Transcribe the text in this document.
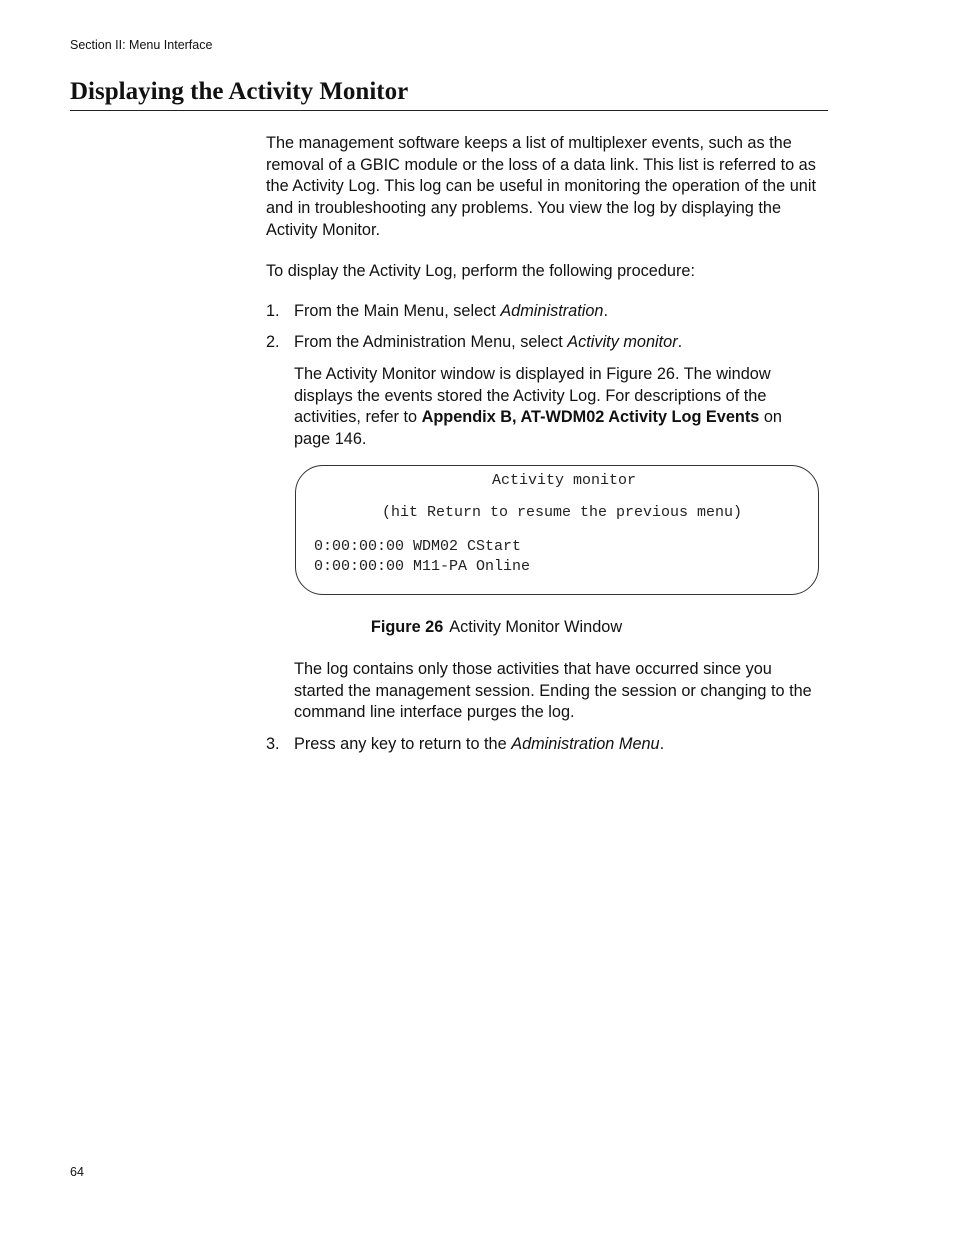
Section II: Menu Interface
Displaying the Activity Monitor

The management software keeps a list of multiplexer events, such as the removal of a GBIC module or the loss of a data link. This list is referred to as the Activity Log. This log can be useful in monitoring the operation of the unit and in troubleshooting any problems. You view the log by displaying the Activity Monitor.

To display the Activity Log, perform the following procedure:

1. From the Main Menu, select Administration.
2. From the Administration Menu, select Activity monitor.

The Activity Monitor window is displayed in Figure 26. The window displays the events stored the Activity Log. For descriptions of the activities, refer to Appendix B, AT-WDM02 Activity Log Events on page 146.

Activity monitor
(hit Return to resume the previous menu)
0:00:00:00 WDM02 CStart
0:00:00:00 M11-PA Online
Figure 26 Activity Monitor Window

The log contains only those activities that have occurred since you started the management session. Ending the session or changing to the command line interface purges the log.

3. Press any key to return to the Administration Menu.
64
